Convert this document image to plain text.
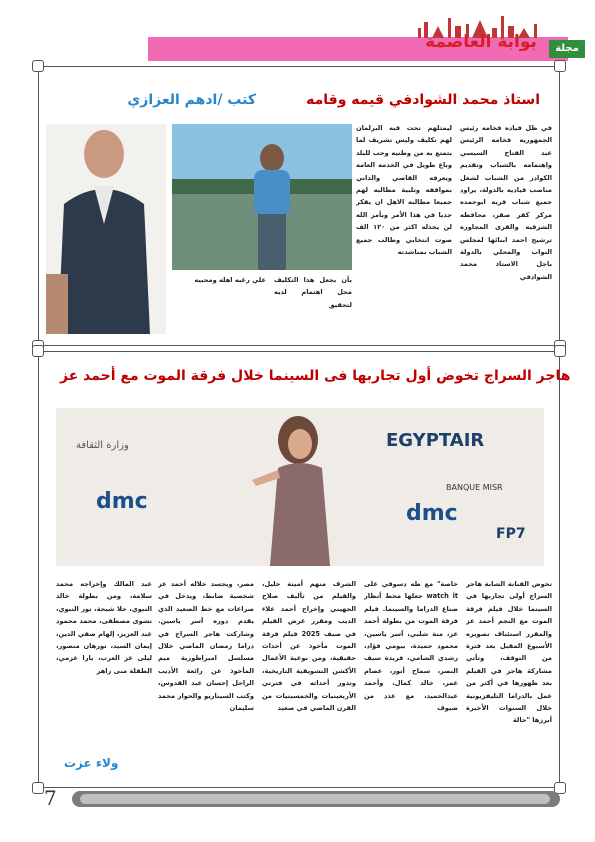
مجلة
بوابة العاصمة
استاذ محمد الشوادفي قيمه وقامه
كتب /ادهم العزازي
في ظل قياده فخامه رئيس الجمهوريه فخامه الرئيس عبد الفتاح السيسي واهتمامه بالشباب وتقديم الكوادر من الشباب لشغل مناصب قياديه بالدولة، يراود جميع شباب قريه ابوحمده مركز كفر صقر، محافظه الشرقيه والقرى المجاوره ترشيح احمد ابنائها لمجلس النواب والمحلي بالدولة باجل الاستاذ محمد الشوادفي
ليمثلهم تحت قبه البرلمان لهم تكليف وليس تشريف لما يتمتع به من وطنيه وحب للبلد وباع طويل في الخدمه العامه ويعرفه القاصي والداني بمواقفه وتلبية مطالبه لهم جميعا مطالبه الاهل ان يفكر جديا في هذا الأمر وبأمر الله لن يخذله اكثر من ١٢٠ الف صوت انتخابي وطالب جميع الشباب بمناشدته
بأن يجعل هذا التكليف محل اهتمام لديه لتحقيق
علي رغبه اهله ومحبيه
هاجر السراج تخوض أول تجاربها فى السينما خلال فرقة الموت مع أحمد عز
وزارة الثقافة
dmc
EGYPTAIR
BANQUE MISR
dmc
FP7
تخوض الفنانة الشابة هاجر السراج أولى تجاربها في السينما خلال فيلم فرقة الموت مع النجم أحمد عز والمقرر استئناف تصويره الأسبوع المقبل بعد فترة من التوقف، وتأتي مشاركة هاجر في الفيلم بعد ظهورها في أكثر من عمل بالدراما التليفزيونية خلال السنوات الأخيرة أبرزها "حالة
خاصة" مع طه دسوقي على watch it جعلها محط أنظار صناع الدراما والسينما. فيلم فرقة الموت من بطولة أحمد عز، منة شلبي، آسر ياسين، محمود حميدة، بيومي فؤاد، رشدي الشامي، فريدة سيف النصر، سماح أنور، عصام عمر، خالد كمال، وأحمد عبدالحميد، مع عدد من ضيوف
الشرف منهم أمينة خليل، والفيلم من تأليف صلاح الجهيني وإخراج أحمد علاء الديب ومقرر عرض الفيلم في صيف 2025 فيلم فرقة الموت مأخوذ عن أحداث حقيقية، ومن نوعية الأعمال الأكشن التشويقية التاريخية، وتدور أحداثه في فترتي الأربعينيات والخمسينيات من القرن الماضي في صعيد
مصر، ويجسد خلاله أحمد عز شخصية ضابط، ويدخل في صراعات مع خط الصعيد الذي يقدم دوره آسر ياسين. وشاركت هاجر السراج في دراما رمضان الماضي خلال مسلسل امبراطورية ميم المأخوذ عن رائعة الأديب الراحل إحسان عبد القدوس، وكتب السيناريو والحوار محمد سليمان
عبد المالك وإخراجه محمد سلامة، ومن بطولة خالد النبوي، حلا شيحة، نور النبوي، نشوى مصطفى، محمد محمود عبد العزيز، إلهام صفي الدين، إيمان السيد، نورهان منصور، ليلى عز العرب، يارا عزمي، الطفلة منى زاهر
ولاء عزت
7
